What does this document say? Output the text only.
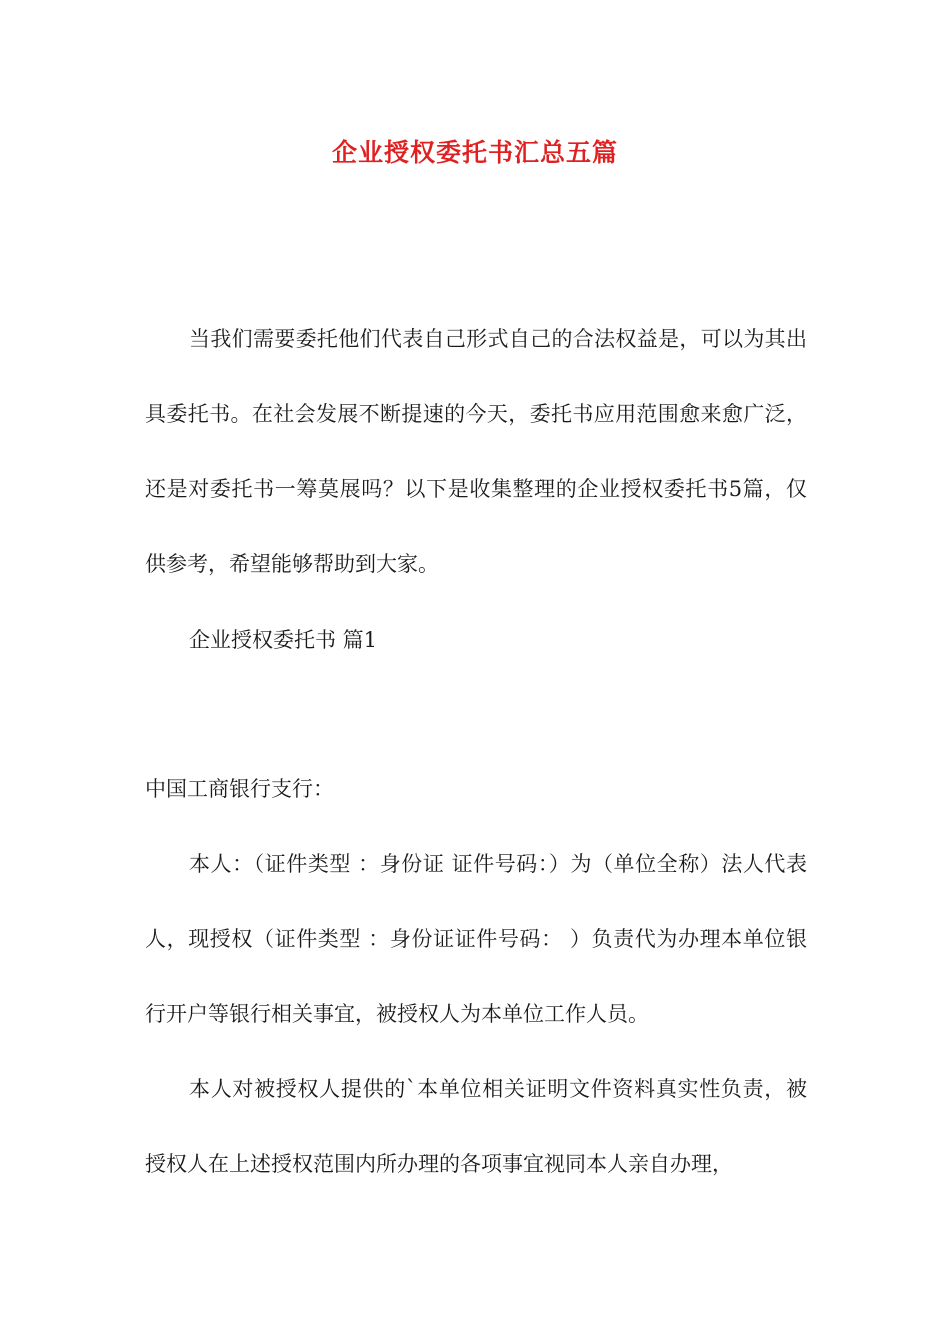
企业授权委托书汇总五篇

当我们需要委托他们代表自己形式自己的合法权益是，可以为其出具委托书。在社会发展不断提速的今天，委托书应用范围愈来愈广泛，还是对委托书一筹莫展吗？以下是收集整理的企业授权委托书5篇，仅供参考，希望能够帮助到大家。

企业授权委托书 篇1

中国工商银行支行：

本人：（证件类型 ：身份证 证件号码：）为（单位全称）法人代表人，现授权（证件类型 ：身份证证件号码： ）负责代为办理本单位银行开户等银行相关事宜，被授权人为本单位工作人员。

本人对被授权人提供的`本单位相关证明文件资料真实性负责，被授权人在上述授权范围内所办理的各项事宜视同本人亲自办理，
